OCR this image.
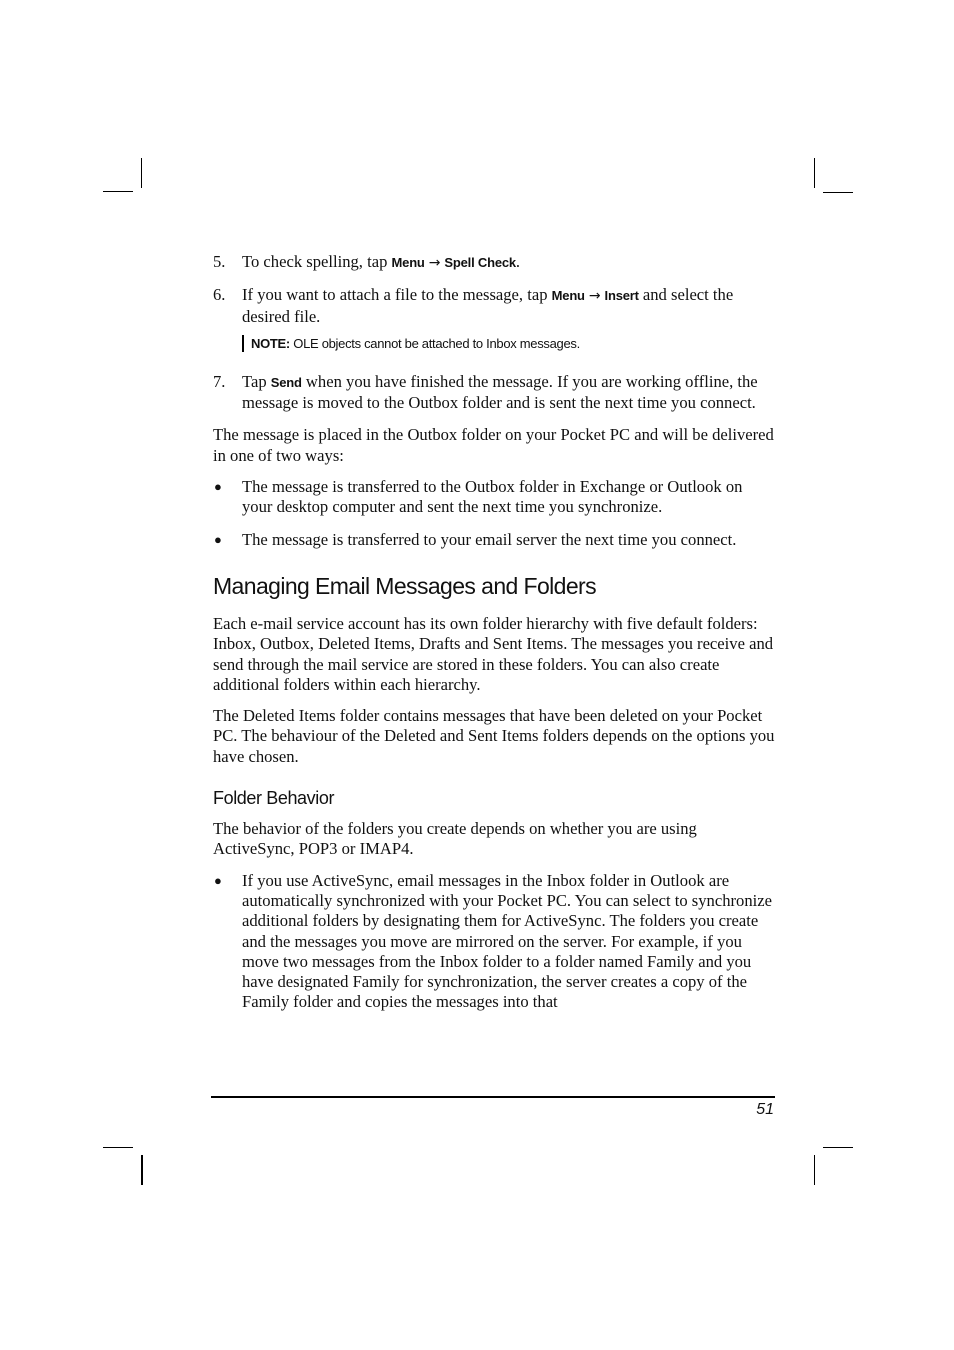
5. To check spelling, tap Menu → Spell Check.
6. If you want to attach a file to the message, tap Menu → Insert and select the desired file.
NOTE: OLE objects cannot be attached to Inbox messages.
7. Tap Send when you have finished the message. If you are working offline, the message is moved to the Outbox folder and is sent the next time you connect.

The message is placed in the Outbox folder on your Pocket PC and will be delivered in one of two ways:

● The message is transferred to the Outbox folder in Exchange or Outlook on your desktop computer and sent the next time you synchronize.
● The message is transferred to your email server the next time you connect.
Managing Email Messages and Folders

Each e-mail service account has its own folder hierarchy with five default folders: Inbox, Outbox, Deleted Items, Drafts and Sent Items. The messages you receive and send through the mail service are stored in these folders. You can also create additional folders within each hierarchy.

The Deleted Items folder contains messages that have been deleted on your Pocket PC. The behaviour of the Deleted and Sent Items folders depends on the options you have chosen.

Folder Behavior

The behavior of the folders you create depends on whether you are using ActiveSync, POP3 or IMAP4.

● If you use ActiveSync, email messages in the Inbox folder in Outlook are automatically synchronized with your Pocket PC. You can select to synchronize additional folders by designating them for ActiveSync. The folders you create and the messages you move are mirrored on the server. For example, if you move two messages from the Inbox folder to a folder named Family and you have designated Family for synchronization, the server creates a copy of the Family folder and copies the messages into that
51
